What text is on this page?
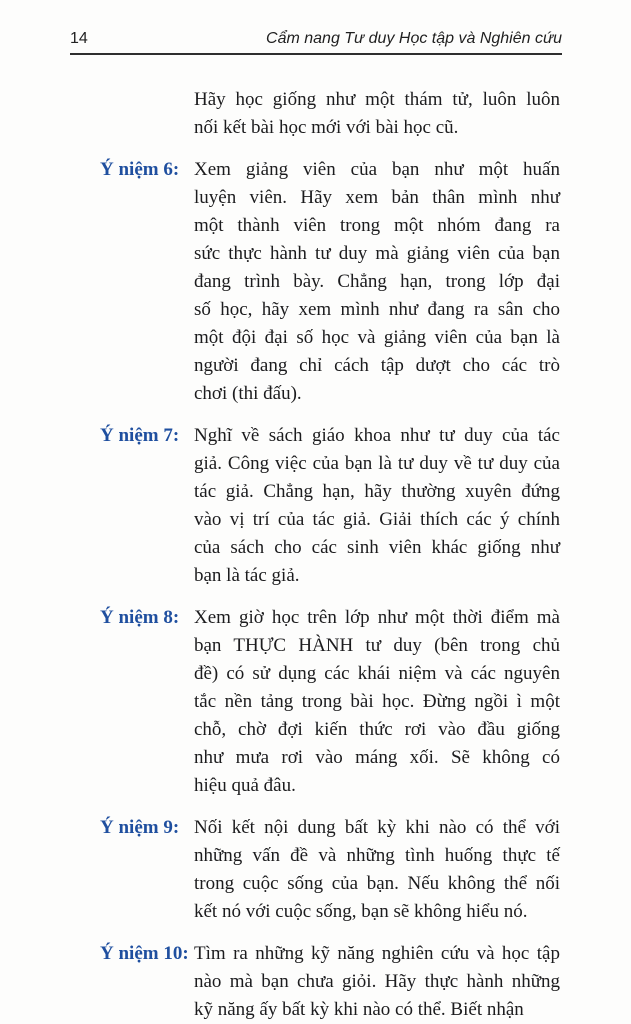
14	Cẩm nang Tư duy Học tập và Nghiên cứu
Hãy học giống như một thám tử, luôn luôn
nối kết bài học mới với bài học cũ.
Ý niệm 6: Xem giảng viên của bạn như một huấn
luyện viên. Hãy xem bản thân mình như
một thành viên trong một nhóm đang ra
sức thực hành tư duy mà giảng viên của bạn
đang trình bày. Chẳng hạn, trong lớp đại
số học, hãy xem mình như đang ra sân cho
một đội đại số học và giảng viên của bạn là
người đang chỉ cách tập dượt cho các trò
chơi (thi đấu).
Ý niệm 7: Nghĩ về sách giáo khoa như tư duy của tác
giả. Công việc của bạn là tư duy về tư duy của
tác giả. Chẳng hạn, hãy thường xuyên đứng
vào vị trí của tác giả. Giải thích các ý chính
của sách cho các sinh viên khác giống như
bạn là tác giả.
Ý niệm 8: Xem giờ học trên lớp như một thời điểm mà
bạn THỰC HÀNH tư duy (bên trong chủ
đề) có sử dụng các khái niệm và các nguyên
tắc nền tảng trong bài học. Đừng ngồi ì một
chỗ, chờ đợi kiến thức rơi vào đầu giống
như mưa rơi vào máng xối. Sẽ không có
hiệu quả đâu.
Ý niệm 9: Nối kết nội dung bất kỳ khi nào có thể với
những vấn đề và những tình huống thực tế
trong cuộc sống của bạn. Nếu không thể nối
kết nó với cuộc sống, bạn sẽ không hiểu nó.
Ý niệm 10: Tìm ra những kỹ năng nghiên cứu và học tập
nào mà bạn chưa giỏi. Hãy thực hành những
kỹ năng ấy bất kỳ khi nào có thể. Biết nhận
